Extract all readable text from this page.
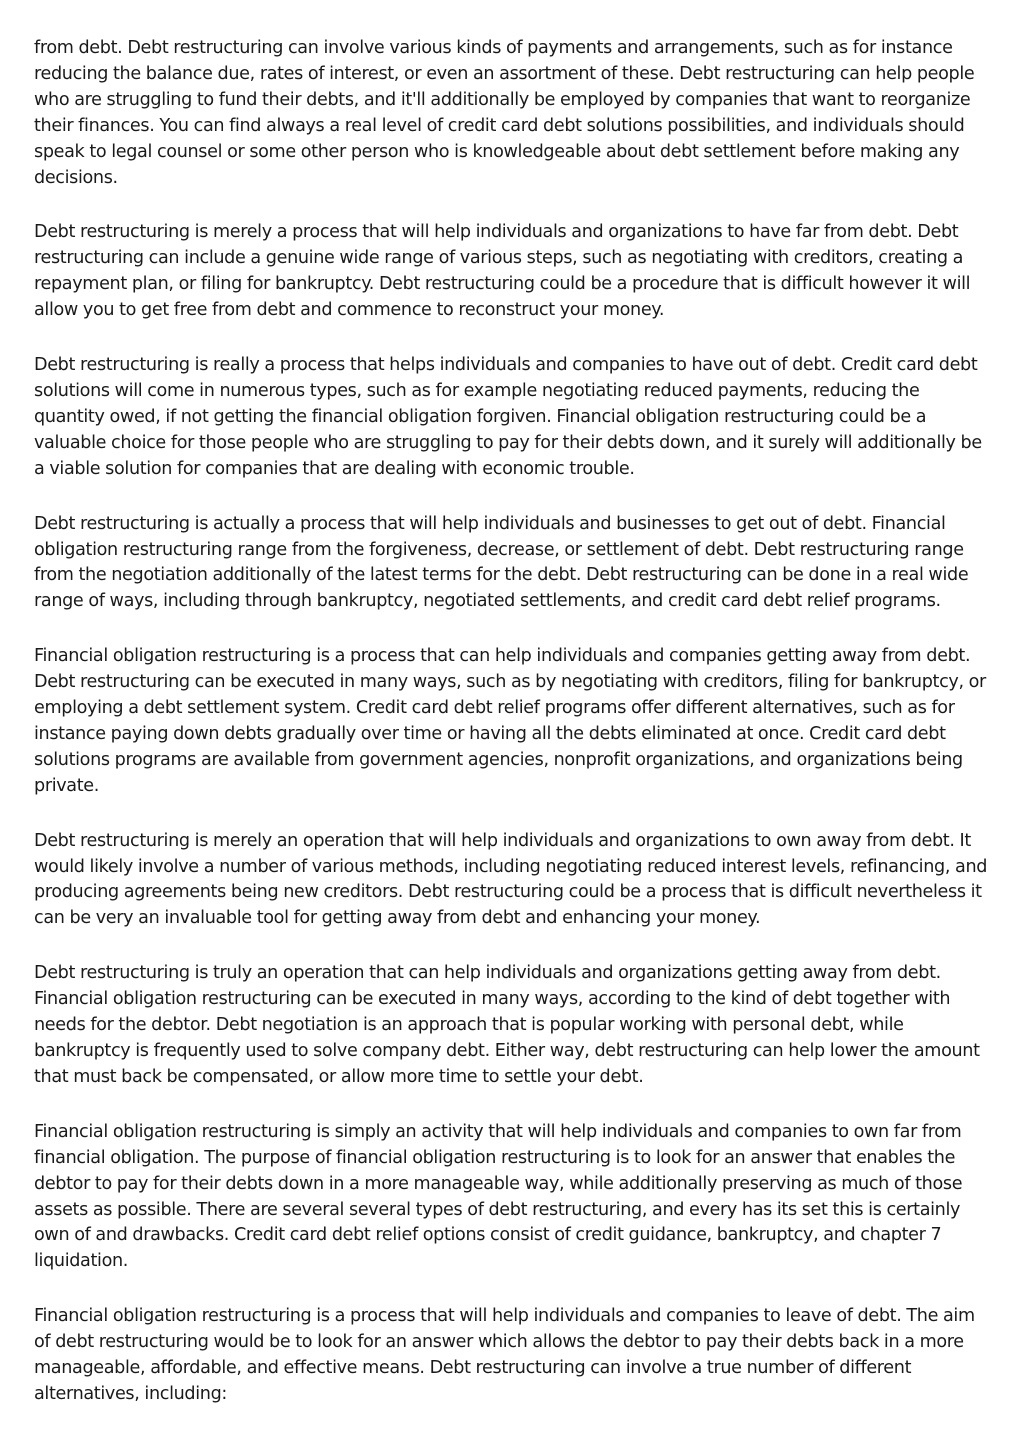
from debt. Debt restructuring can involve various kinds of payments and arrangements, such as for instance reducing the balance due, rates of interest, or even an assortment of these. Debt restructuring can help people who are struggling to fund their debts, and it'll additionally be employed by companies that want to reorganize their finances. You can find always a real level of credit card debt solutions possibilities, and individuals should speak to legal counsel or some other person who is knowledgeable about debt settlement before making any decisions.

Debt restructuring is merely a process that will help individuals and organizations to have far from debt. Debt restructuring can include a genuine wide range of various steps, such as negotiating with creditors, creating a repayment plan, or filing for bankruptcy. Debt restructuring could be a procedure that is difficult however it will allow you to get free from debt and commence to reconstruct your money.

Debt restructuring is really a process that helps individuals and companies to have out of debt. Credit card debt solutions will come in numerous types, such as for example negotiating reduced payments, reducing the quantity owed, if not getting the financial obligation forgiven. Financial obligation restructuring could be a valuable choice for those people who are struggling to pay for their debts down, and it surely will additionally be a viable solution for companies that are dealing with economic trouble.

Debt restructuring is actually a process that will help individuals and businesses to get out of debt. Financial obligation restructuring range from the forgiveness, decrease, or settlement of debt. Debt restructuring range from the negotiation additionally of the latest terms for the debt. Debt restructuring can be done in a real wide range of ways, including through bankruptcy, negotiated settlements, and credit card debt relief programs.

Financial obligation restructuring is a process that can help individuals and companies getting away from debt. Debt restructuring can be executed in many ways, such as by negotiating with creditors, filing for bankruptcy, or employing a debt settlement system. Credit card debt relief programs offer different alternatives, such as for instance paying down debts gradually over time or having all the debts eliminated at once. Credit card debt solutions programs are available from government agencies, nonprofit organizations, and organizations being private.

Debt restructuring is merely an operation that will help individuals and organizations to own away from debt. It would likely involve a number of various methods, including negotiating reduced interest levels, refinancing, and producing agreements being new creditors. Debt restructuring could be a process that is difficult nevertheless it can be very an invaluable tool for getting away from debt and enhancing your money.

Debt restructuring is truly an operation that can help individuals and organizations getting away from debt. Financial obligation restructuring can be executed in many ways, according to the kind of debt together with needs for the debtor. Debt negotiation is an approach that is popular working with personal debt, while bankruptcy is frequently used to solve company debt. Either way, debt restructuring can help lower the amount that must back be compensated, or allow more time to settle your debt.

Financial obligation restructuring is simply an activity that will help individuals and companies to own far from financial obligation. The purpose of financial obligation restructuring is to look for an answer that enables the debtor to pay for their debts down in a more manageable way, while additionally preserving as much of those assets as possible. There are several several types of debt restructuring, and every has its set this is certainly own of and drawbacks. Credit card debt relief options consist of credit guidance, bankruptcy, and chapter 7 liquidation.

Financial obligation restructuring is a process that will help individuals and companies to leave of debt. The aim of debt restructuring would be to look for an answer which allows the debtor to pay their debts back in a more manageable, affordable, and effective means. Debt restructuring can involve a true number of different alternatives, including:
